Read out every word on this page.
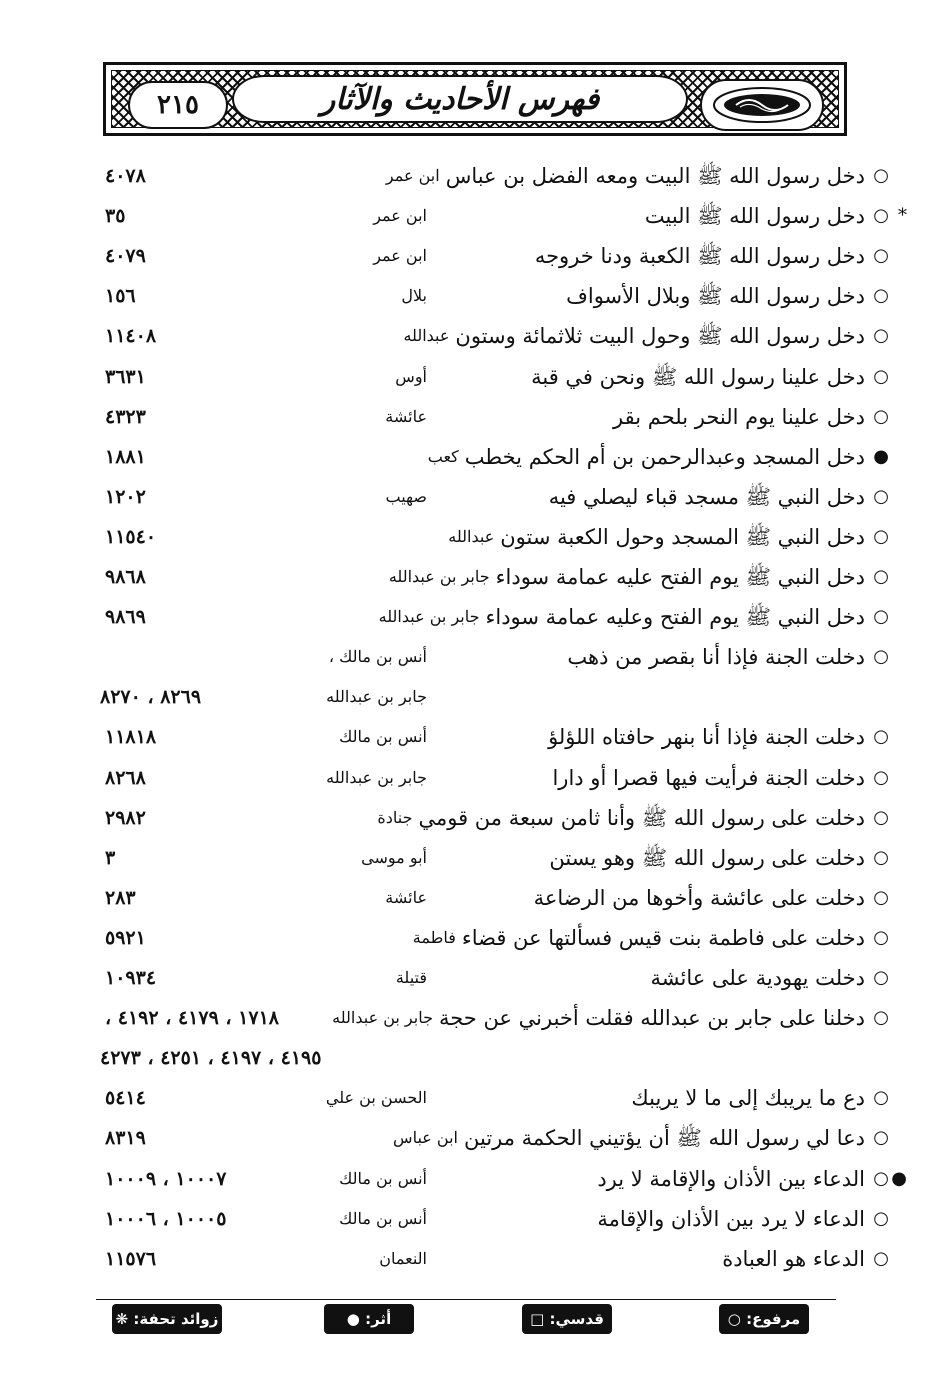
٢١٥	فهرس الأحاديث والآثار
دخل رسول الله ﷺ البيت ومعه الفضل بن عباس ○
ابن عمر
٤٠٧٨
دخل رسول الله ﷺ البيت ○ *
ابن عمر
٣٥
دخل رسول الله ﷺ الكعبة ودنا خروجه ○
ابن عمر
٤٠٧٩
دخل رسول الله ﷺ وبلال الأسواف ○
بلال
١٥٦
دخل رسول الله ﷺ وحول البيت ثلاثمائة وستون ○
عبدالله
١١٤٠٨
دخل علينا رسول الله ﷺ ونحن في قبة ○
أوس
٣٦٣١
دخل علينا يوم النحر بلحم بقر ○
عائشة
٤٣٢٣
دخل المسجد وعبدالرحمن بن أم الحكم يخطب ●
كعب
١٨٨١
دخل النبي ﷺ مسجد قباء ليصلي فيه ○
صهيب
١٢٠٢
دخل النبي ﷺ المسجد وحول الكعبة ستون ○
عبدالله
١١٥٤٠
دخل النبي ﷺ يوم الفتح عليه عمامة سوداء ○
جابر بن عبدالله
٩٨٦٨
دخل النبي ﷺ يوم الفتح وعليه عمامة سوداء ○
جابر بن عبدالله
٩٨٦٩
دخلت الجنة فإذا أنا بقصر من ذهب ○
أنس بن مالك ،
جابر بن عبدالله
٨٢٦٩ ، ٨٢٧٠
دخلت الجنة فإذا أنا بنهر حافتاه اللؤلؤ ○
أنس بن مالك
١١٨١٨
دخلت الجنة فرأيت فيها قصرا أو دارا ○
جابر بن عبدالله
٨٢٦٨
دخلت على رسول الله ﷺ وأنا ثامن سبعة من قومي ○
جنادة
٢٩٨٢
دخلت على رسول الله ﷺ وهو يستن ○
أبو موسى
٣
دخلت على عائشة وأخوها من الرضاعة ○
عائشة
٢٨٣
دخلت على فاطمة بنت قيس فسألتها عن قضاء ○
فاطمة
٥٩٢١
دخلت يهودية على عائشة ○
قتيلة
١٠٩٣٤
دخلنا على جابر بن عبدالله فقلت أخبرني عن حجة ○
جابر بن عبدالله
١٧١٨ ، ٤١٧٩ ، ٤١٩٢ ،
٤١٩٥ ، ٤١٩٧ ، ٤٢٥١ ، ٤٢٧٣
دع ما يريبك إلى ما لا يريبك ○
الحسن بن علي
٥٤١٤
دعا لي رسول الله ﷺ أن يؤتيني الحكمة مرتين ○
ابن عباس
٨٣١٩
الدعاء بين الأذان والإقامة لا يرد ○ ●
أنس بن مالك
١٠٠٠٧ ، ١٠٠٠٩
الدعاء لا يرد بين الأذان والإقامة ○
أنس بن مالك
١٠٠٠٥ ، ١٠٠٠٦
الدعاء هو العبادة ○
النعمان
١١٥٧٦
مرفوع: ○
قدسي: □
أثر: ●
زوائد تحفة: ❋
